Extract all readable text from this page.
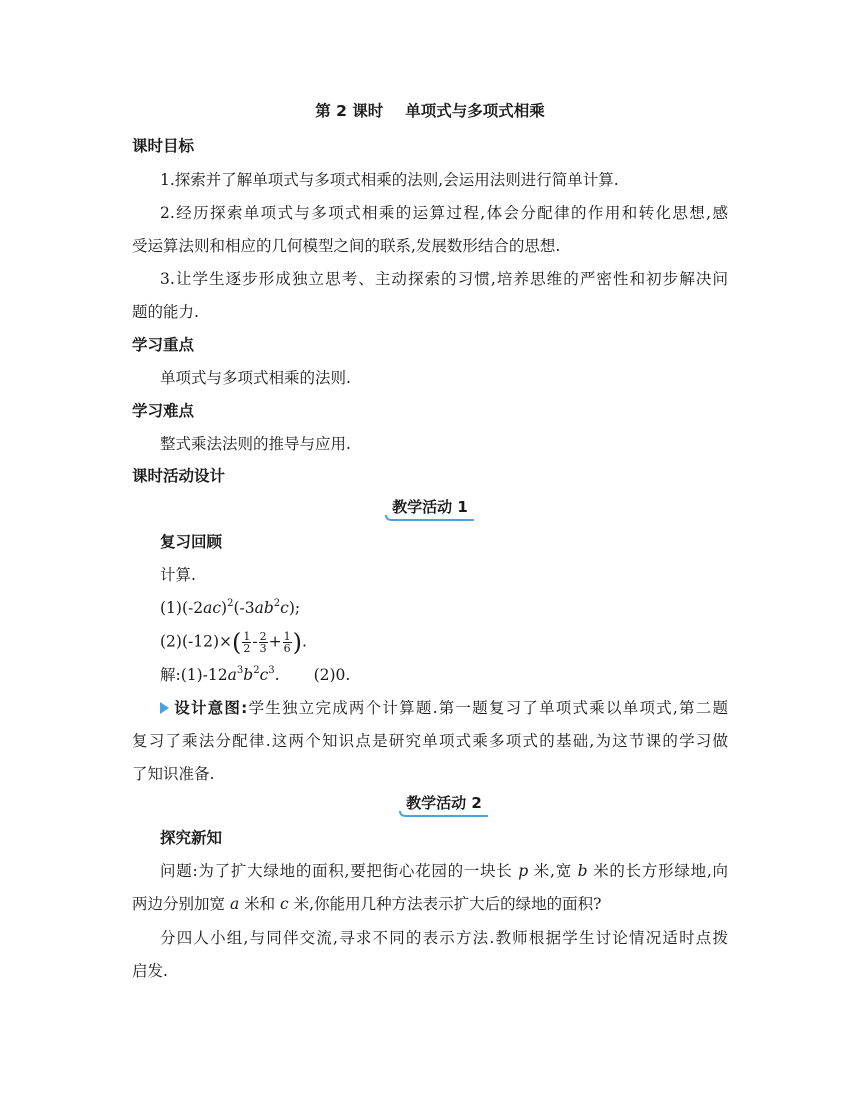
第 2 课时 单项式与多项式相乘
课时目标
1.探索并了解单项式与多项式相乘的法则,会运用法则进行简单计算.
2.经历探索单项式与多项式相乘的运算过程,体会分配律的作用和转化思想,感
受运算法则和相应的几何模型之间的联系,发展数形结合的思想.
3.让学生逐步形成独立思考、主动探索的习惯,培养思维的严密性和初步解决问
题的能力.
学习重点
单项式与多项式相乘的法则.
学习难点
整式乘法法则的推导与应用.
课时活动设计
教学活动 1
复习回顾
计算.
$(1)(-2ac)^2(-3ab^2c)$;
$(2)(-12)\times( \frac{1}{2} - \frac{2}{3} + \frac{1}{6}$ ).
解$:(1)-12a^3b^2c^3$. (2)0.
设计意图:学生独立完成两个计算题.第一题复习了单项式乘以单项式,第二题
复习了乘法分配律.这两个知识点是研究单项式乘多项式的基础,为这节课的学习做
了知识准备.
教学活动 2
探究新知
问题:为了扩大绿地的面积,要把街心花园的一块长 p 米,宽 b 米的长方形绿地,向
两边分别加宽 a 米和 c 米,你能用几种方法表示扩大后的绿地的面积?
分四人小组,与同伴交流,寻求不同的表示方法.教师根据学生讨论情况适时点拨
启发.
